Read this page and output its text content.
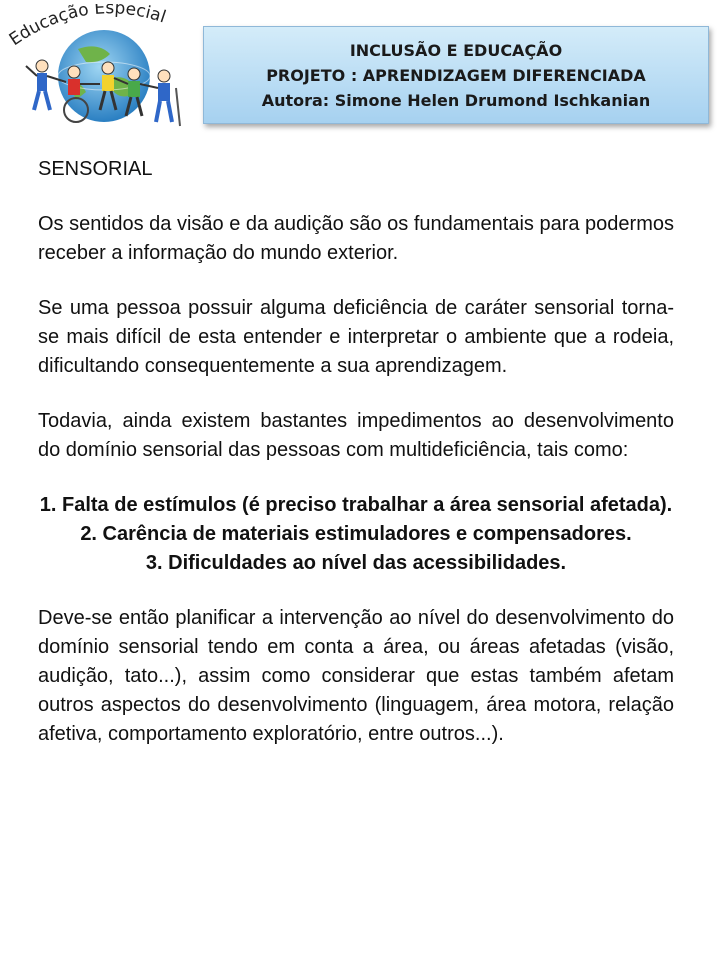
Educação Especial
INCLUSÃO E EDUCAÇÃO
PROJETO : APRENDIZAGEM DIFERENCIADA
Autora: Simone Helen Drumond Ischkanian
SENSORIAL

Os sentidos da visão e da audição são os fundamentais para podermos receber a informação do mundo exterior.

Se uma pessoa possuir alguma deficiência de caráter sensorial torna-se mais difícil de esta entender e interpretar o ambiente que a rodeia, dificultando consequentemente a sua aprendizagem.

Todavia, ainda existem bastantes impedimentos ao desenvolvimento do domínio sensorial das pessoas com multideficiência, tais como:

1. Falta de estímulos (é preciso trabalhar a área sensorial afetada).
2. Carência de materiais estimuladores e compensadores.
3. Dificuldades ao nível das acessibilidades.

Deve-se então planificar a intervenção ao nível do desenvolvimento do domínio sensorial tendo em conta a área, ou áreas afetadas (visão, audição, tato...), assim como considerar que estas também afetam outros aspectos do desenvolvimento (linguagem, área motora, relação afetiva, comportamento exploratório, entre outros...).
